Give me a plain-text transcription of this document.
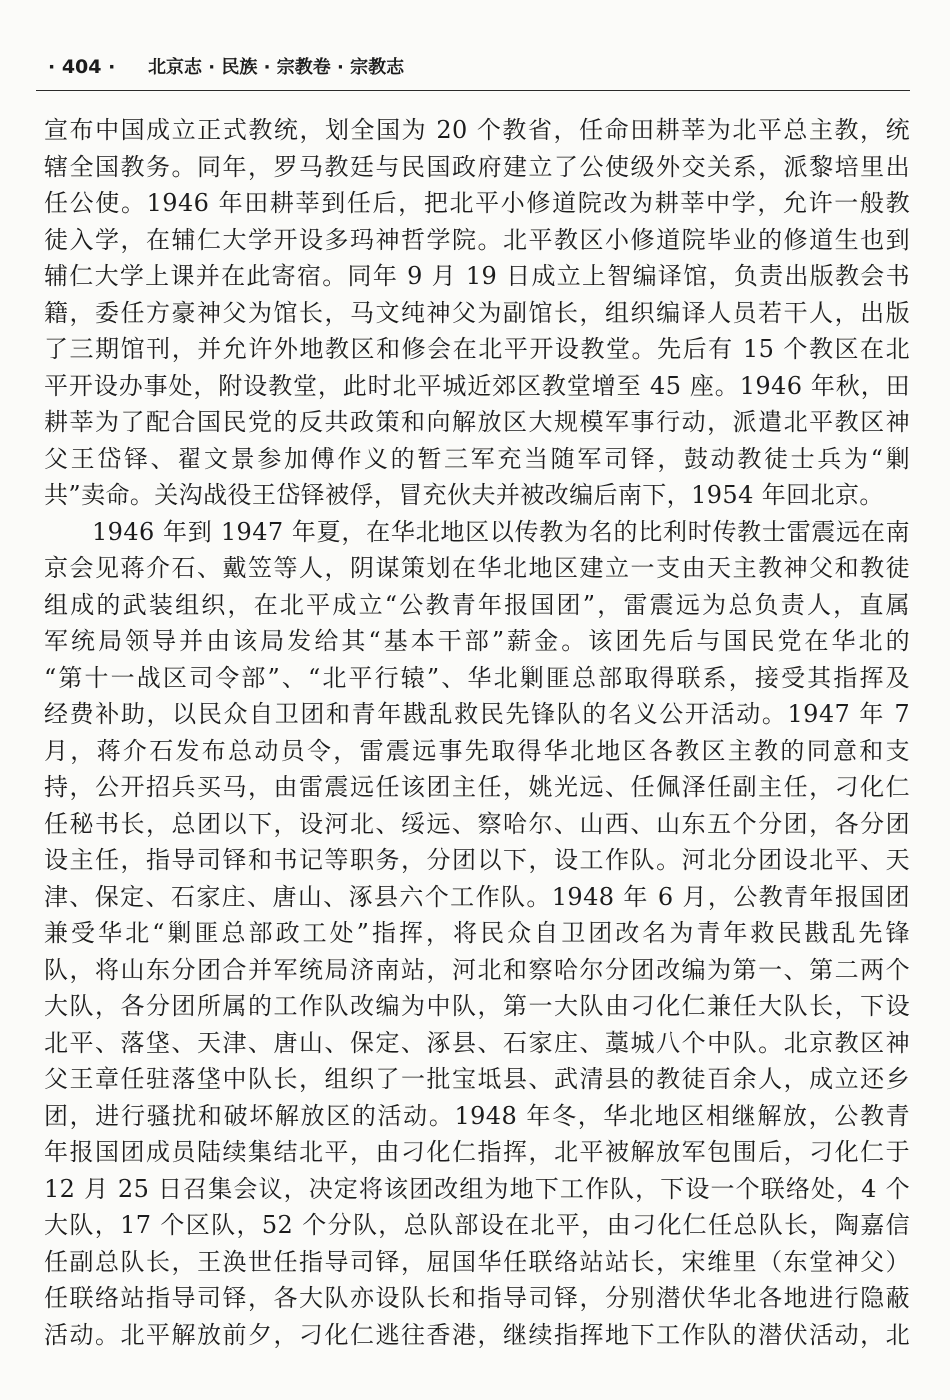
· 404 · 北京志 · 民族 · 宗教卷 · 宗教志
宣布中国成立正式教统，划全国为 20 个教省，任命田耕莘为北平总主教，统
辖全国教务。同年，罗马教廷与民国政府建立了公使级外交关系，派黎培里出
任公使。1946 年田耕莘到任后，把北平小修道院改为耕莘中学，允许一般教
徒入学，在辅仁大学开设多玛神哲学院。北平教区小修道院毕业的修道生也到
辅仁大学上课并在此寄宿。同年 9 月 19 日成立上智编译馆，负责出版教会书
籍，委任方豪神父为馆长，马文纯神父为副馆长，组织编译人员若干人，出版
了三期馆刊，并允许外地教区和修会在北平开设教堂。先后有 15 个教区在北
平开设办事处，附设教堂，此时北平城近郊区教堂增至 45 座。1946 年秋，田
耕莘为了配合国民党的反共政策和向解放区大规模军事行动，派遣北平教区神
父王岱铎、翟文景参加傅作义的暂三军充当随军司铎，鼓动教徒士兵为“剿
共”卖命。关沟战役王岱铎被俘，冒充伙夫并被改编后南下，1954 年回北京。
1946 年到 1947 年夏，在华北地区以传教为名的比利时传教士雷震远在南
京会见蒋介石、戴笠等人，阴谋策划在华北地区建立一支由天主教神父和教徒
组成的武装组织，在北平成立“公教青年报国团”，雷震远为总负责人，直属
军统局领导并由该局发给其“基本干部”薪金。该团先后与国民党在华北的
“第十一战区司令部”、“北平行辕”、华北剿匪总部取得联系，接受其指挥及
经费补助，以民众自卫团和青年戡乱救民先锋队的名义公开活动。1947 年 7
月，蒋介石发布总动员令，雷震远事先取得华北地区各教区主教的同意和支
持，公开招兵买马，由雷震远任该团主任，姚光远、任佩泽任副主任，刁化仁
任秘书长，总团以下，设河北、绥远、察哈尔、山西、山东五个分团，各分团
设主任，指导司铎和书记等职务，分团以下，设工作队。河北分团设北平、天
津、保定、石家庄、唐山、涿县六个工作队。1948 年 6 月，公教青年报国团
兼受华北“剿匪总部政工处”指挥，将民众自卫团改名为青年救民戡乱先锋
队，将山东分团合并军统局济南站，河北和察哈尔分团改编为第一、第二两个
大队，各分团所属的工作队改编为中队，第一大队由刁化仁兼任大队长，下设
北平、落垡、天津、唐山、保定、涿县、石家庄、藁城八个中队。北京教区神
父王章任驻落垡中队长，组织了一批宝坻县、武清县的教徒百余人，成立还乡
团，进行骚扰和破坏解放区的活动。1948 年冬，华北地区相继解放，公教青
年报国团成员陆续集结北平，由刁化仁指挥，北平被解放军包围后，刁化仁于
12 月 25 日召集会议，决定将该团改组为地下工作队，下设一个联络处，4 个
大队，17 个区队，52 个分队，总队部设在北平，由刁化仁任总队长，陶嘉信
任副总队长，王涣世任指导司铎，屈国华任联络站站长，宋维里（东堂神父）
任联络站指导司铎，各大队亦设队长和指导司铎，分别潜伏华北各地进行隐蔽
活动。北平解放前夕，刁化仁逃往香港，继续指挥地下工作队的潜伏活动，北
